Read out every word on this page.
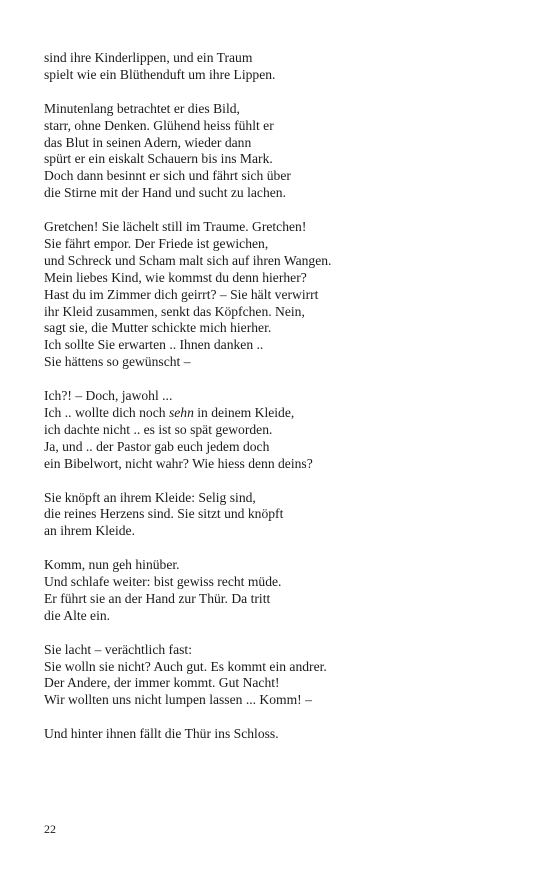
sind ihre Kinderlippen, und ein Traum
spielt wie ein Blüthenduft um ihre Lippen.
Minutenlang betrachtet er dies Bild,
starr, ohne Denken. Glühend heiss fühlt er
das Blut in seinen Adern, wieder dann
spürt er ein eiskalt Schauern bis ins Mark.
Doch dann besinnt er sich und fährt sich über
die Stirne mit der Hand und sucht zu lachen.
Gretchen! Sie lächelt still im Traume. Gretchen!
Sie fährt empor. Der Friede ist gewichen,
und Schreck und Scham malt sich auf ihren Wangen.
Mein liebes Kind, wie kommst du denn hierher?
Hast du im Zimmer dich geirrt? – Sie hält verwirrt
ihr Kleid zusammen, senkt das Köpfchen. Nein,
sagt sie, die Mutter schickte mich hierher.
Ich sollte Sie erwarten .. Ihnen danken ..
Sie hättens so gewünscht –
Ich?! – Doch, jawohl ...
Ich .. wollte dich noch sehn in deinem Kleide,
ich dachte nicht .. es ist so spät geworden.
Ja, und .. der Pastor gab euch jedem doch
ein Bibelwort, nicht wahr? Wie hiess denn deins?
Sie knöpft an ihrem Kleide: Selig sind,
die reines Herzens sind. Sie sitzt und knöpft
an ihrem Kleide.
Komm, nun geh hinüber.
Und schlafe weiter: bist gewiss recht müde.
Er führt sie an der Hand zur Thür. Da tritt
die Alte ein.
Sie lacht – verächtlich fast:
Sie wolln sie nicht? Auch gut. Es kommt ein andrer.
Der Andere, der immer kommt. Gut Nacht!
Wir wollten uns nicht lumpen lassen ... Komm! –
Und hinter ihnen fällt die Thür ins Schloss.
22
